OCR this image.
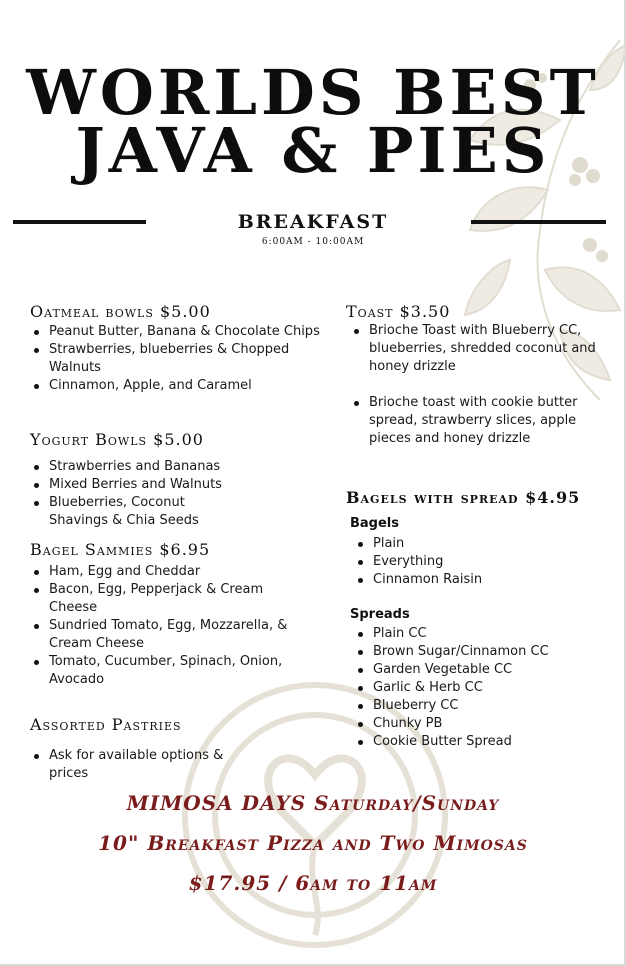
WORLDS BEST
JAVA & PIES
BREAKFAST
6:00AM - 10:00AM
Oatmeal bowls $5.00
Peanut Butter, Banana & Chocolate Chips
Strawberries, blueberries & Chopped Walnuts
Cinnamon, Apple, and Caramel
Yogurt Bowls $5.00
Strawberries and Bananas
Mixed Berries and Walnuts
Blueberries, Coconut Shavings & Chia Seeds
Bagel Sammies $6.95
Ham, Egg and Cheddar
Bacon, Egg, Pepperjack & Cream Cheese
Sundried Tomato, Egg, Mozzarella, & Cream Cheese
Tomato, Cucumber, Spinach, Onion, Avocado
Assorted Pastries
Ask for available options & prices
Toast $3.50
Brioche Toast with Blueberry CC, blueberries, shredded coconut and honey drizzle
Brioche toast with cookie butter spread, strawberry slices, apple pieces and honey drizzle
Bagels with spread $4.95
Bagels
Plain
Everything
Cinnamon Raisin
Spreads
Plain CC
Brown Sugar/Cinnamon CC
Garden Vegetable CC
Garlic & Herb CC
Blueberry CC
Chunky PB
Cookie Butter Spread
MIMOSA DAYS Saturday/Sunday
10" Breakfast Pizza and Two Mimosas
$17.95 / 6am to 11am
